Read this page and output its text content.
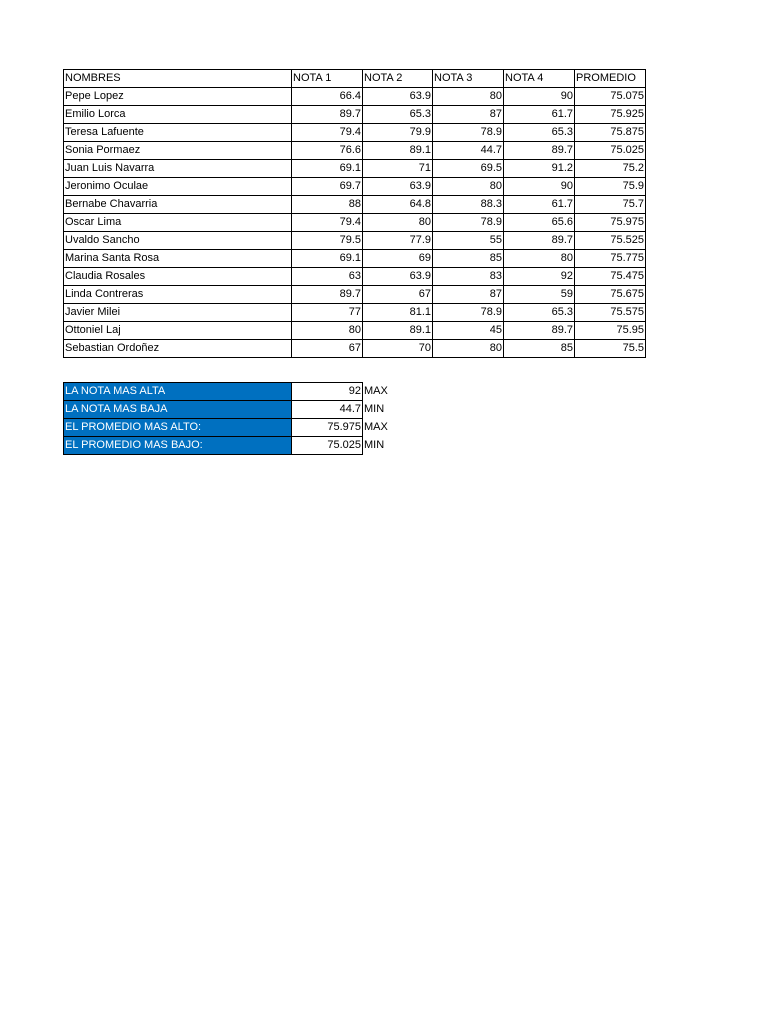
NOMBRES	NOTA 1	NOTA 2	NOTA 3	NOTA 4	PROMEDIO
Pepe Lopez	66.4	63.9	80	90	75.075
Emilio Lorca	89.7	65.3	87	61.7	75.925
Teresa Lafuente	79.4	79.9	78.9	65.3	75.875
Sonia Pormaez	76.6	89.1	44.7	89.7	75.025
Juan Luis Navarra	69.1	71	69.5	91.2	75.2
Jeronimo Oculae	69.7	63.9	80	90	75.9
Bernabe Chavarria	88	64.8	88.3	61.7	75.7
Oscar Lima	79.4	80	78.9	65.6	75.975
Uvaldo Sancho	79.5	77.9	55	89.7	75.525
Marina Santa Rosa	69.1	69	85	80	75.775
Claudia Rosales	63	63.9	83	92	75.475
Linda Contreras	89.7	67	87	59	75.675
Javier Milei	77	81.1	78.9	65.3	75.575
Ottoniel Laj	80	89.1	45	89.7	75.95
Sebastian Ordoñez	67	70	80	85	75.5
LA NOTA MAS ALTA	92	MAX
LA NOTA MAS BAJA	44.7	MIN
EL PROMEDIO MAS ALTO:	75.975	MAX
EL PROMEDIO MAS BAJO:	75.025	MIN
